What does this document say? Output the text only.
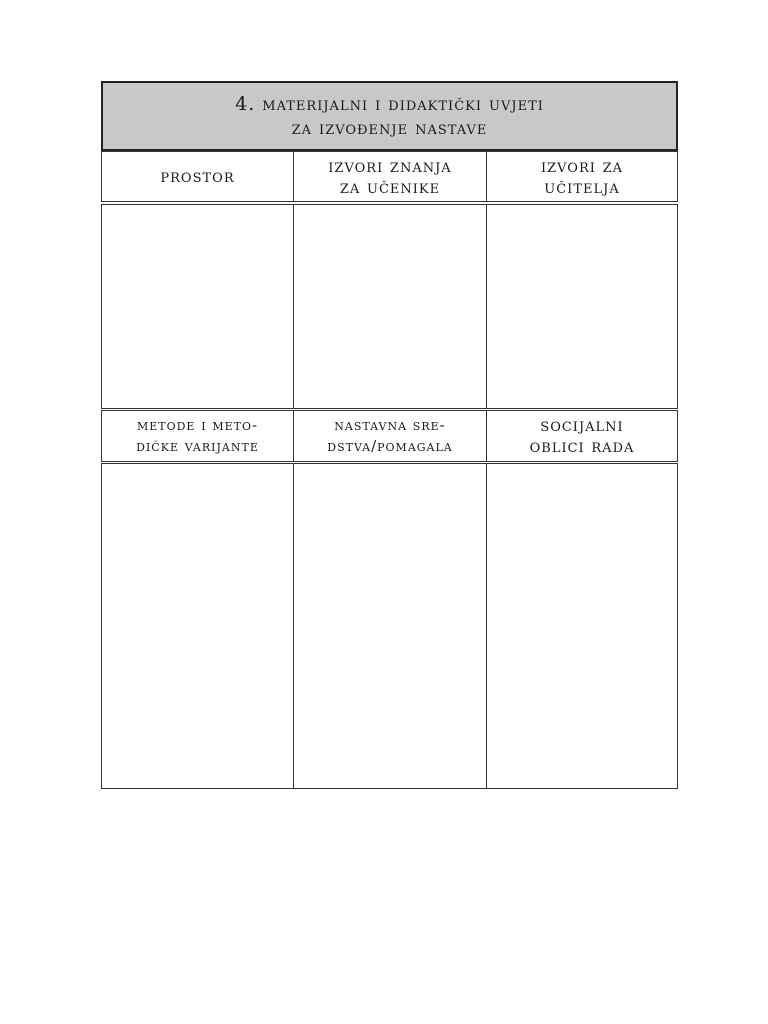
4. materijalni i didaktički uvjeti
za izvođenje nastave
prostor	izvori znanja
za učenike
izvori za
učitelja
metode i meto-
dičke varijante
nastavna sre-
dstva/pomagala
socijalni
oblici rada
